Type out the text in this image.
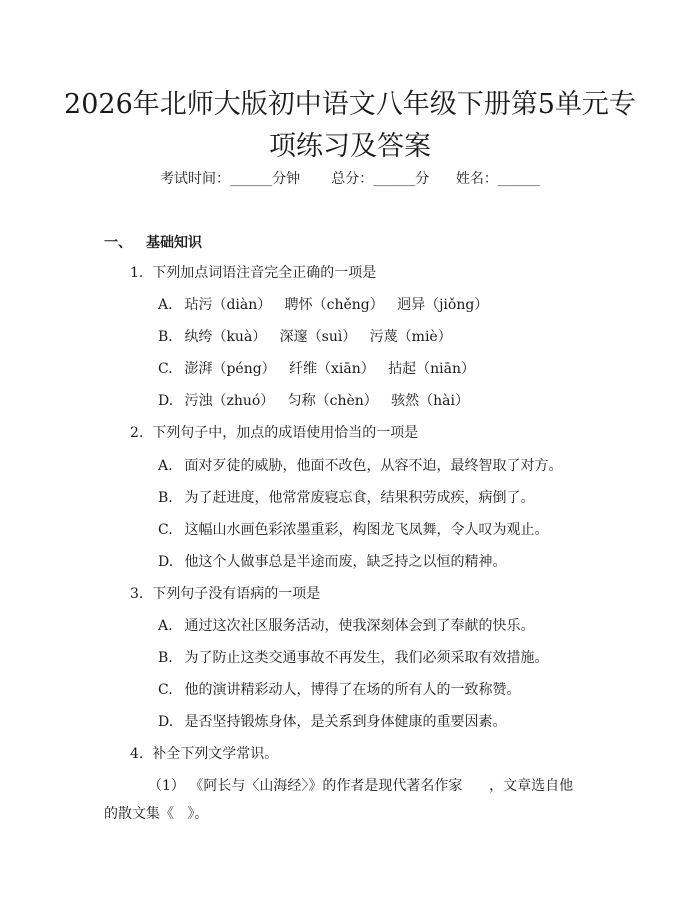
2026年北师大版初中语文八年级下册第5单元专项练习及答案
考试时间：______分钟 总分：______分 姓名：______
一、 基础知识
1. 下列加点词语注音完全正确的一项是
A. 玷污（diàn）   聘怀（chěng）   迥异（jiǒng）
B. 纨绔（kuà）   深邃（suì）   污蔑（miè）
C. 澎湃（péng）   纤维（xiān）   拈起（niān）
D. 污浊（zhuó）   匀称（chèn）   骇然（hài）
2. 下列句子中，加点的成语使用恰当的一项是
A. 面对歹徒的威胁，他面不改色，从容不迫，最终智取了对方。
B. 为了赶进度，他常常废寝忘食，结果积劳成疾，病倒了。
C. 这幅山水画色彩浓墨重彩，构图龙飞凤舞，令人叹为观止。
D. 他这个人做事总是半途而废，缺乏持之以恒的精神。
3. 下列句子没有语病的一项是
A. 通过这次社区服务活动，使我深刻体会到了奉献的快乐。
B. 为了防止这类交通事故不再发生，我们必须采取有效措施。
C. 他的演讲精彩动人，博得了在场的所有人的一致称赞。
D. 是否坚持锻炼身体，是关系到身体健康的重要因素。
4. 补全下列文学常识。
（1） 《阿长与〈山海经〉》的作者是现代著名作家      ，文章选自他的散文集《   》。
